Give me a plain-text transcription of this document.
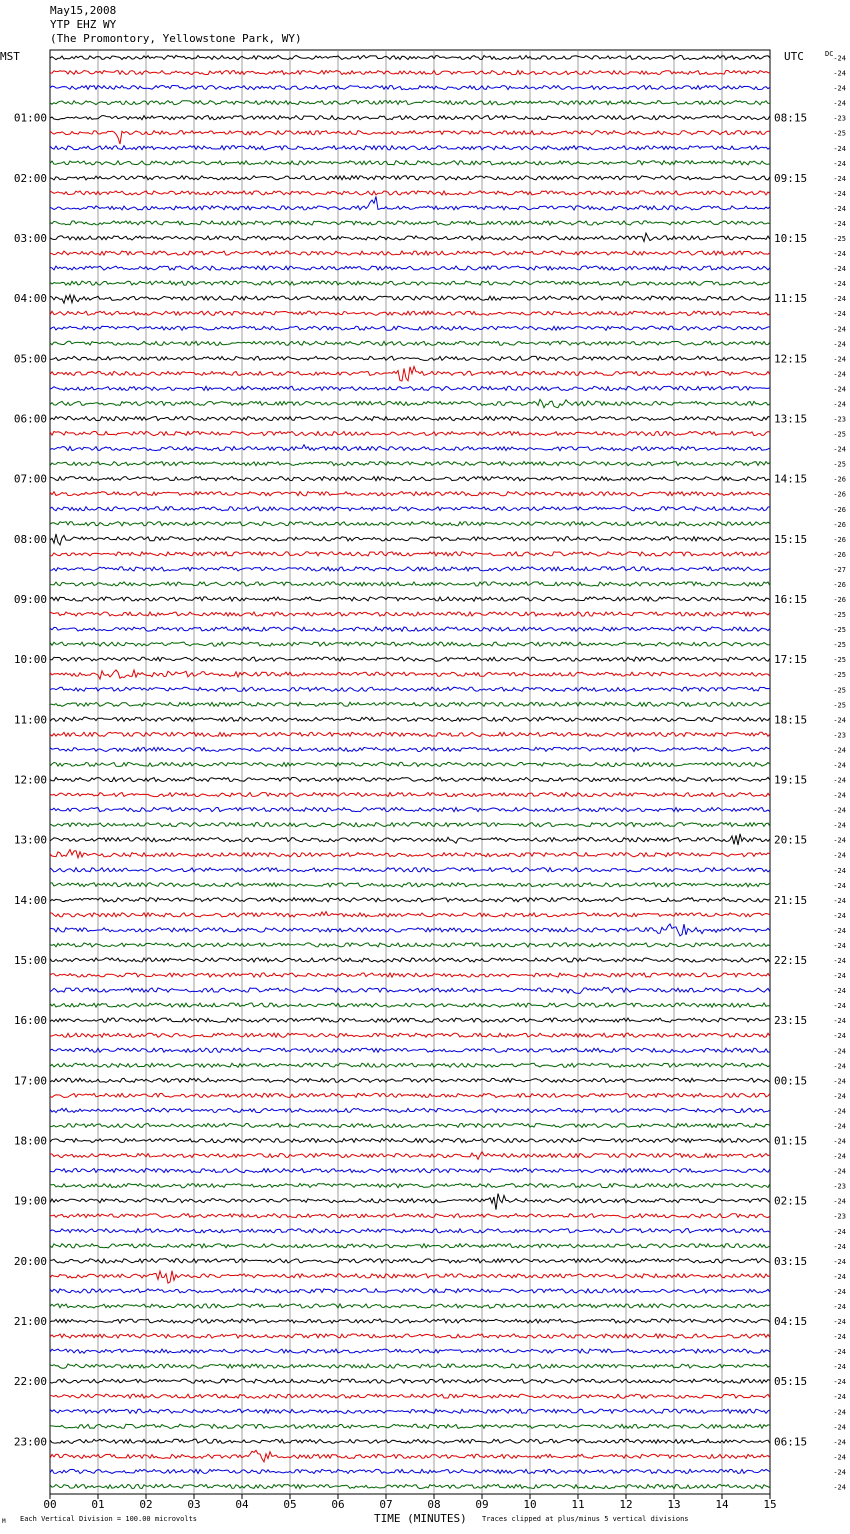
May15,2008
YTP EHZ WY
(The Promontory, Yellowstone Park, WY)
00	01	02	03	04	05	06	07	08	09	10	11	12	13	14	15
-24
-24
-24
-24
-23
-25
-24
-24
-24
-24
-24
-24
-25
-24
-24
-24
-24
-24
-24
-24
-24
-24
-24
-24
-23
-25
-24
-25
-26
-26
-26
-26
-26
-26
-27
-26
-26
-25
-25
-25
-25
-25
-25
-25
-24
-23
-24
-24
-24
-24
-24
-24
-24
-24
-24
-24
-24
-24
-24
-24
-24
-24
-24
-24
-24
-24
-24
-24
-24
-24
-24
-24
-24
-24
-24
-23
-24
-23
-24
-24
-24
-24
-24
-24
-24
-24
-24
-24
-24
-24
-24
-24
-24
-24
-24
-24
MST	UTC	DC
01:00
02:00
03:00
04:00
05:00
06:00
07:00
08:00
09:00
10:00
11:00
12:00
13:00
14:00
15:00
16:00
17:00
18:00
19:00
20:00
21:00
22:00
23:00
08:15
09:15
10:15
11:15
12:15
13:15
14:15
15:15
16:15
17:15
18:15
19:15
20:15
21:15
22:15
23:15
00:15
01:15
02:15
03:15
04:15
05:15
06:15
Each Vertical Division = 100.00 microvolts	TIME (MINUTES) Traces clipped at plus/minus 5 vertical divisions
M
